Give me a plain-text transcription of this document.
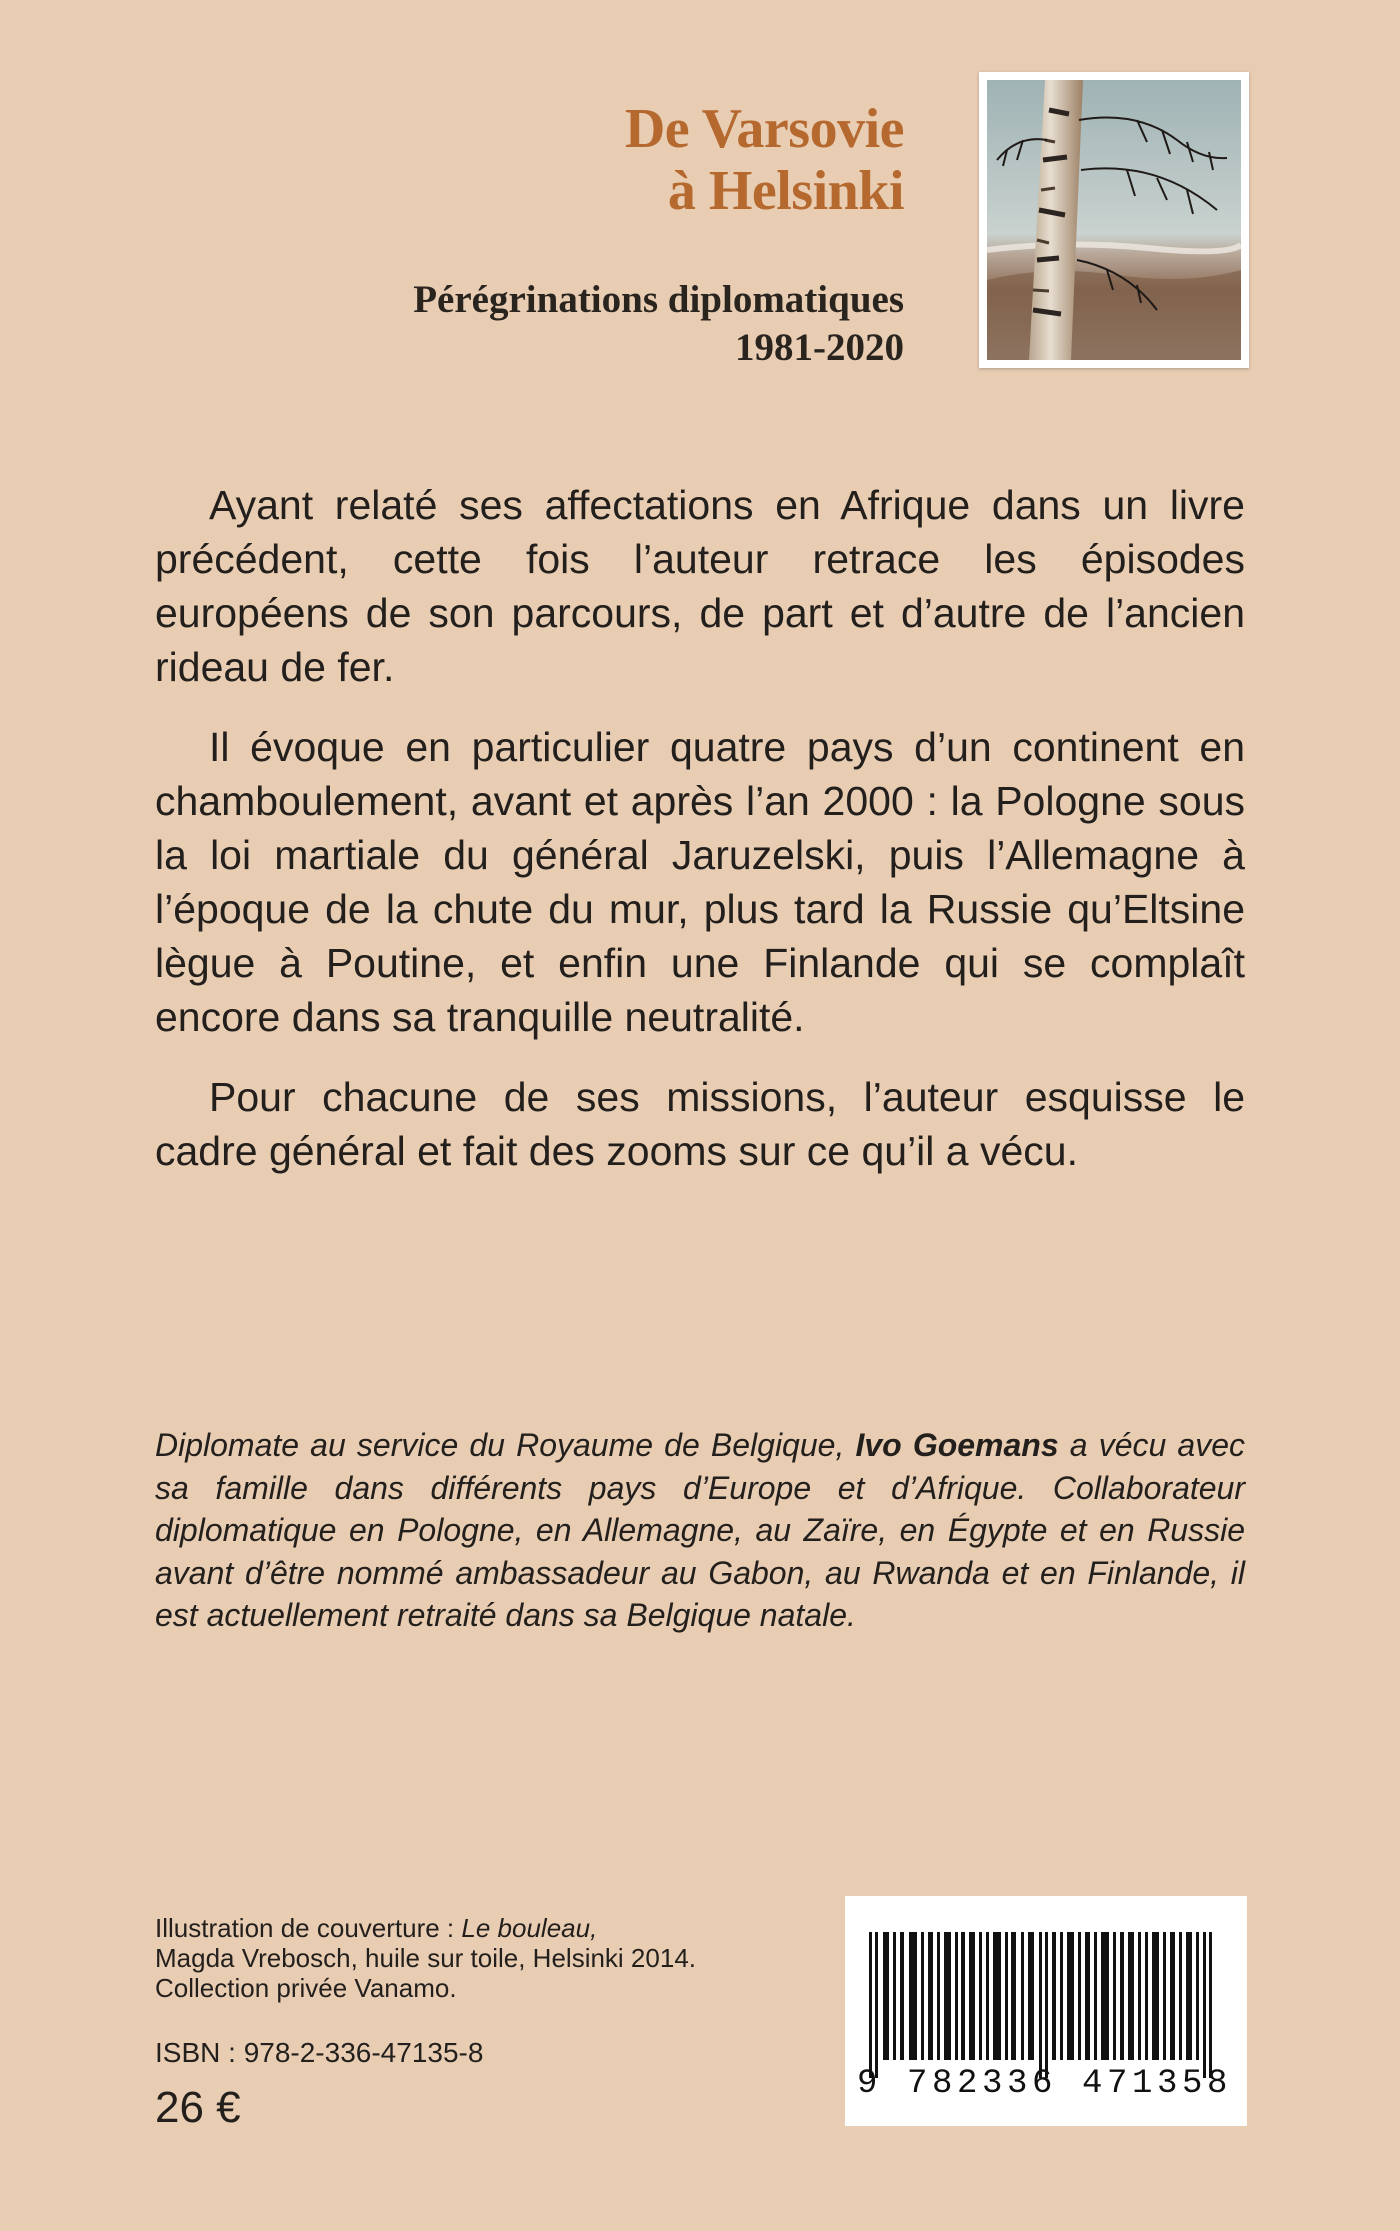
De Varsovie
à Helsinki
Pérégrinations diplomatiques
1981-2020

Ayant relaté ses affectations en Afrique dans un livre précédent, cette fois l’auteur retrace les épisodes européens de son parcours, de part et d’autre de l’ancien rideau de fer.

Il évoque en particulier quatre pays d’un continent en chamboulement, avant et après l’an 2000 : la Pologne sous la loi martiale du général Jaruzelski, puis l’Allemagne à l’époque de la chute du mur, plus tard la Russie qu’Eltsine lègue à Poutine, et enfin une Finlande qui se complaît encore dans sa tranquille neutralité.

Pour chacune de ses missions, l’auteur esquisse le cadre général et fait des zooms sur ce qu’il a vécu.

Diplomate au service du Royaume de Belgique, Ivo Goemans a vécu avec sa famille dans différents pays d’Europe et d’Afrique. Collaborateur diplomatique en Pologne, en Allemagne, au Zaïre, en Égypte et en Russie avant d’être nommé ambassadeur au Gabon, au Rwanda et en Finlande, il est actuellement retraité dans sa Belgique natale.
Illustration de couverture : Le bouleau,
Magda Vrebosch, huile sur toile, Helsinki 2014.
Collection privée Vanamo.
ISBN : 978-2-336-47135-8
26 €	9 782336 471358
